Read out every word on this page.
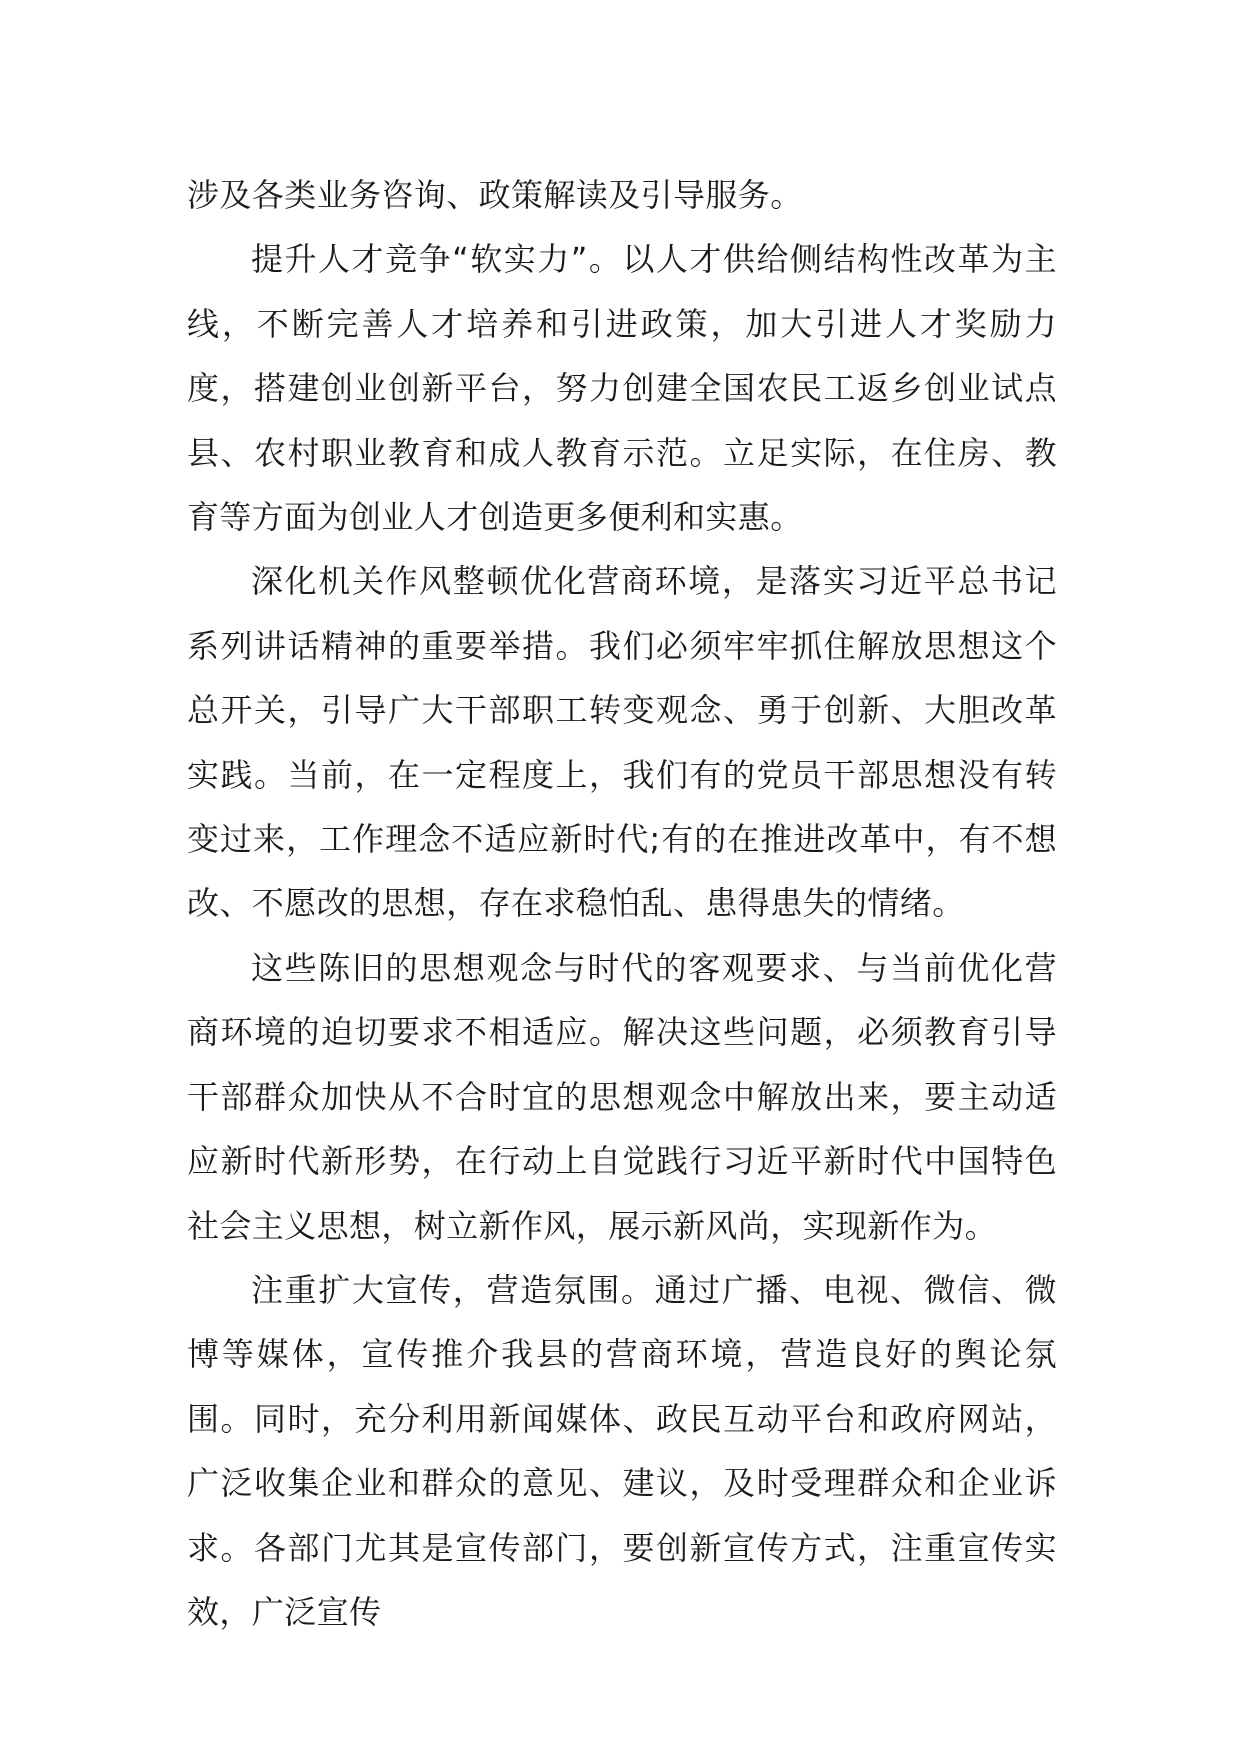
涉及各类业务咨询、政策解读及引导服务。

提升人才竞争“软实力”。以人才供给侧结构性改革为主线，不断完善人才培养和引进政策，加大引进人才奖励力度，搭建创业创新平台，努力创建全国农民工返乡创业试点县、农村职业教育和成人教育示范。立足实际，在住房、教育等方面为创业人才创造更多便利和实惠。

深化机关作风整顿优化营商环境，是落实习近平总书记系列讲话精神的重要举措。我们必须牢牢抓住解放思想这个总开关，引导广大干部职工转变观念、勇于创新、大胆改革实践。当前，在一定程度上，我们有的党员干部思想没有转变过来，工作理念不适应新时代;有的在推进改革中，有不想改、不愿改的思想，存在求稳怕乱、患得患失的情绪。

这些陈旧的思想观念与时代的客观要求、与当前优化营商环境的迫切要求不相适应。解决这些问题，必须教育引导干部群众加快从不合时宜的思想观念中解放出来，要主动适应新时代新形势，在行动上自觉践行习近平新时代中国特色社会主义思想，树立新作风，展示新风尚，实现新作为。

注重扩大宣传，营造氛围。通过广播、电视、微信、微博等媒体，宣传推介我县的营商环境，营造良好的舆论氛围。同时，充分利用新闻媒体、政民互动平台和政府网站，广泛收集企业和群众的意见、建议，及时受理群众和企业诉求。各部门尤其是宣传部门，要创新宣传方式，注重宣传实效，广泛宣传
